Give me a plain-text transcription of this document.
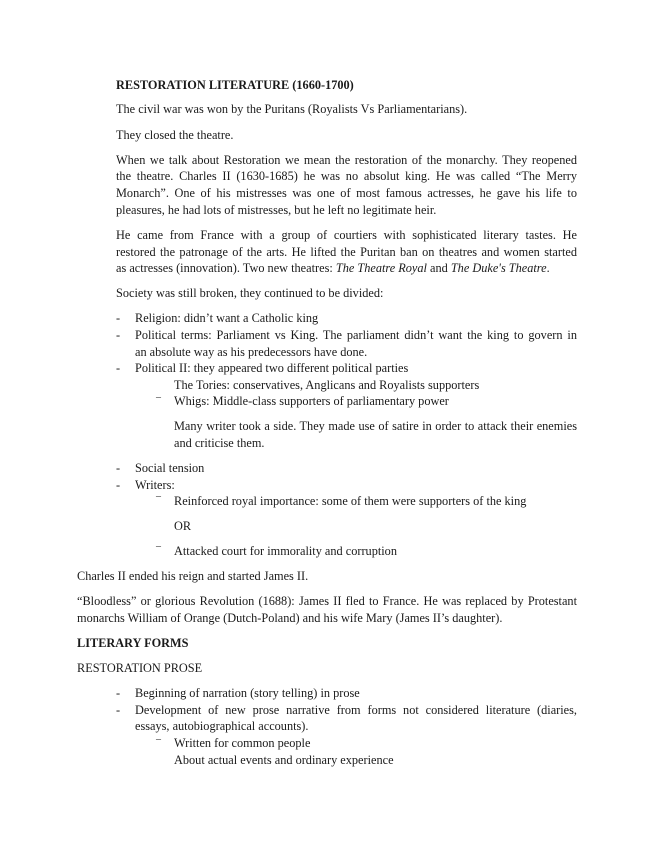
RESTORATION LITERATURE (1660-1700)
The civil war was won by the Puritans (Royalists Vs Parliamentarians).
They closed the theatre.
When we talk about Restoration we mean the restoration of the monarchy. They reopened
the theatre. Charles II (1630-1685) he was no absolut king. He was called “The Merry
Monarch”. One of his mistresses was one of most famous actresses, he gave his life to
pleasures, he had lots of mistresses, but he left no legitimate heir.
He came from France with a group of courtiers with sophisticated literary tastes. He
restored the patronage of the arts. He lifted the Puritan ban on theatres and women started
as actresses (innovation). Two new theatres: The Theatre Royal and The Duke's Theatre.
Society was still broken, they continued to be divided:
- Religion: didn’t want a Catholic king
- Political terms: Parliament vs King. The parliament didn’t want the king to govern in
an absolute way as his predecessors have done.
- Political II: they appeared two different political parties
The Tories: conservatives, Anglicans and Royalists supporters
– Whigs: Middle-class supporters of parliamentary power
Many writer took a side. They made use of satire in order to attack their enemies
and criticise them.
- Social tension
- Writers:
– Reinforced royal importance: some of them were supporters of the king
OR
– Attacked court for immorality and corruption
Charles II ended his reign and started James II.
“Bloodless” or glorious Revolution (1688): James II fled to France. He was replaced by Protestant
monarchs William of Orange (Dutch-Poland) and his wife Mary (James II’s daughter).
LITERARY FORMS
RESTORATION PROSE
- Beginning of narration (story telling) in prose
- Development of new prose narrative from forms not considered literature (diaries,
essays, autobiographical accounts).
– Written for common people
About actual events and ordinary experience
